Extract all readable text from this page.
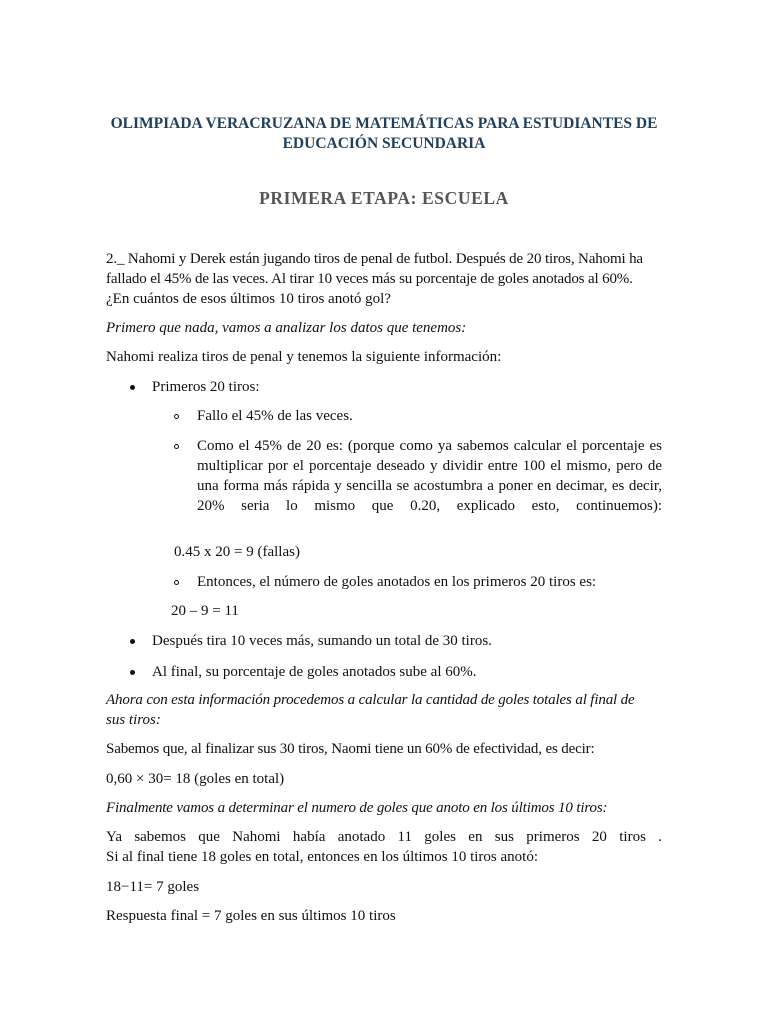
OLIMPIADA VERACRUZANA DE MATEMÁTICAS PARA ESTUDIANTES DE

EDUCACIÓN SECUNDARIA

PRIMERA ETAPA: ESCUELA

2._ Nahomi y Derek están jugando tiros de penal de futbol. Después de 20 tiros, Nahomi ha

fallado el 45% de las veces. Al tirar 10 veces más su porcentaje de goles anotados al 60%.

¿En cuántos de esos últimos 10 tiros anotó gol?

Primero que nada, vamos a analizar los datos que tenemos:

Nahomi realiza tiros de penal y tenemos la siguiente información:

Primeros 20 tiros:

Fallo el 45% de las veces.

Como el 45% de 20 es: (porque como ya sabemos calcular el porcentaje es

multiplicar por el porcentaje deseado y dividir entre 100 el mismo, pero de

una forma más rápida y sencilla se acostumbra a poner en decimar, es decir,

20% seria lo mismo que 0.20, explicado esto, continuemos):

0.45 x 20 = 9 (fallas)

Entonces, el número de goles anotados en los primeros 20 tiros es:

20 – 9 = 11

Después tira 10 veces más, sumando un total de 30 tiros.

Al final, su porcentaje de goles anotados sube al 60%.

Ahora con esta información procedemos a calcular la cantidad de goles totales al final de

sus tiros:

Sabemos que, al finalizar sus 30 tiros, Naomi tiene un 60% de efectividad, es decir:

0,60 × 30= 18 (goles en total)

Finalmente vamos a determinar el numero de goles que anoto en los últimos 10 tiros:

Ya sabemos que Nahomi había anotado 11 goles en sus primeros 20 tiros .

Si al final tiene 18 goles en total, entonces en los últimos 10 tiros anotó:

18−11= 7 goles

Respuesta final = 7 goles en sus últimos 10 tiros
